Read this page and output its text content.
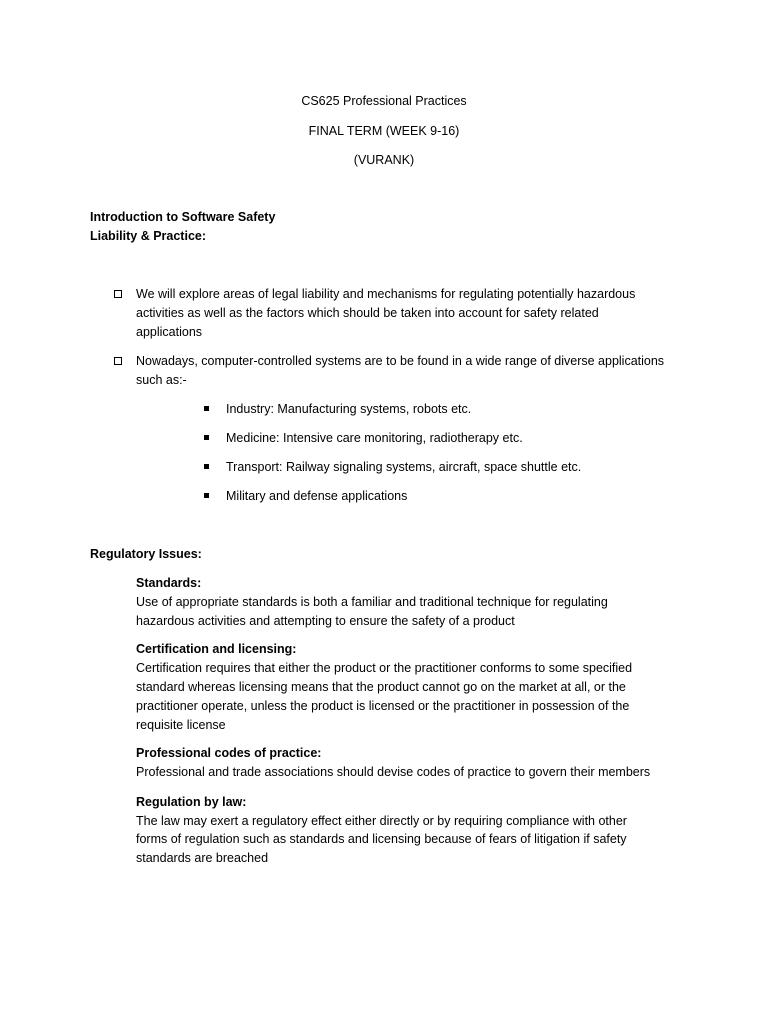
CS625 Professional Practices
FINAL TERM (WEEK 9-16)
(VURANK)
Introduction to Software Safety
Liability & Practice:
We will explore areas of legal liability and mechanisms for regulating potentially hazardous
activities as well as the factors which should be taken into account for safety related
applications
Nowadays, computer-controlled systems are to be found in a wide range of diverse applications
such as:-
Industry: Manufacturing systems, robots etc.
Medicine: Intensive care monitoring, radiotherapy etc.
Transport: Railway signaling systems, aircraft, space shuttle etc.
Military and defense applications
Regulatory Issues:
Standards:
Use of appropriate standards is both a familiar and traditional technique for regulating
hazardous activities and attempting to ensure the safety of a product
Certification and licensing:
Certification requires that either the product or the practitioner conforms to some specified
standard whereas licensing means that the product cannot go on the market at all, or the
practitioner operate, unless the product is licensed or the practitioner in possession of the
requisite license
Professional codes of practice:
Professional and trade associations should devise codes of practice to govern their members
Regulation by law:
The law may exert a regulatory effect either directly or by requiring compliance with other
forms of regulation such as standards and licensing because of fears of litigation if safety
standards are breached
